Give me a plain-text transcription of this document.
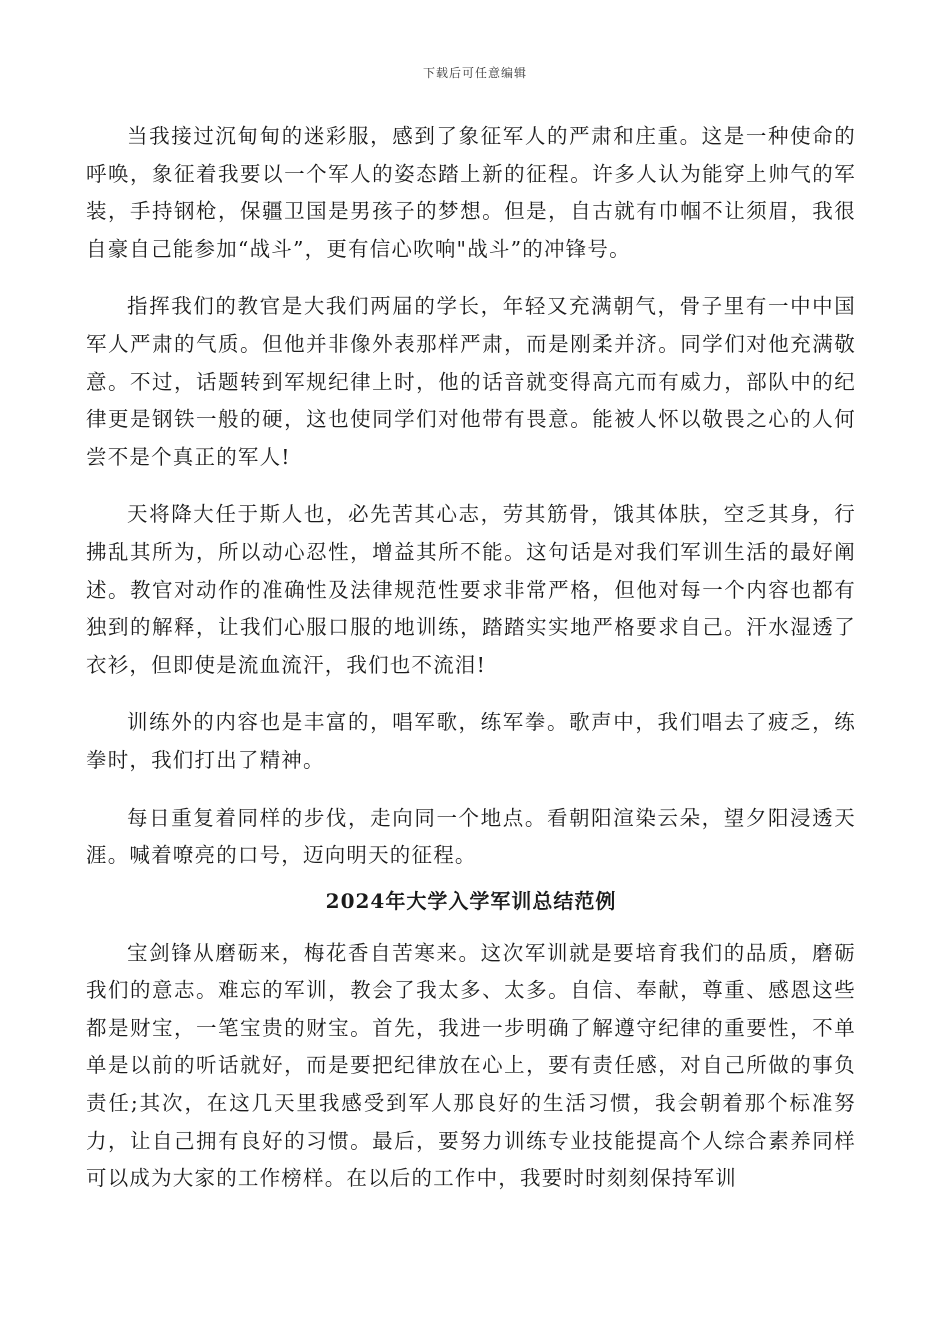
下载后可任意编辑

当我接过沉甸甸的迷彩服，感到了象征军人的严肃和庄重。这是一种使命的呼唤，象征着我要以一个军人的姿态踏上新的征程。许多人认为能穿上帅气的军装，手持钢枪，保疆卫国是男孩子的梦想。但是，自古就有巾帼不让须眉，我很自豪自己能参加“战斗”，更有信心吹响"战斗”的冲锋号。

指挥我们的教官是大我们两届的学长，年轻又充满朝气，骨子里有一中中国军人严肃的气质。但他并非像外表那样严肃，而是刚柔并济。同学们对他充满敬意。不过，话题转到军规纪律上时，他的话音就变得高亢而有威力，部队中的纪律更是钢铁一般的硬，这也使同学们对他带有畏意。能被人怀以敬畏之心的人何尝不是个真正的军人!

天将降大任于斯人也，必先苦其心志，劳其筋骨，饿其体肤，空乏其身，行拂乱其所为，所以动心忍性，增益其所不能。这句话是对我们军训生活的最好阐述。教官对动作的准确性及法律规范性要求非常严格，但他对每一个内容也都有独到的解释，让我们心服口服的地训练，踏踏实实地严格要求自己。汗水湿透了衣衫，但即使是流血流汗，我们也不流泪!

训练外的内容也是丰富的，唱军歌，练军拳。歌声中，我们唱去了疲乏，练拳时，我们打出了精神。

每日重复着同样的步伐，走向同一个地点。看朝阳渲染云朵，望夕阳浸透天涯。喊着嘹亮的口号，迈向明天的征程。

2024年大学入学军训总结范例

宝剑锋从磨砺来，梅花香自苦寒来。这次军训就是要培育我们的品质，磨砺我们的意志。难忘的军训，教会了我太多、太多。自信、奉献，尊重、感恩这些都是财宝，一笔宝贵的财宝。首先，我进一步明确了解遵守纪律的重要性，不单单是以前的听话就好，而是要把纪律放在心上，要有责任感，对自己所做的事负责任;其次，在这几天里我感受到军人那良好的生活习惯，我会朝着那个标准努力，让自己拥有良好的习惯。最后，要努力训练专业技能提高个人综合素养同样可以成为大家的工作榜样。在以后的工作中，我要时时刻刻保持军训
